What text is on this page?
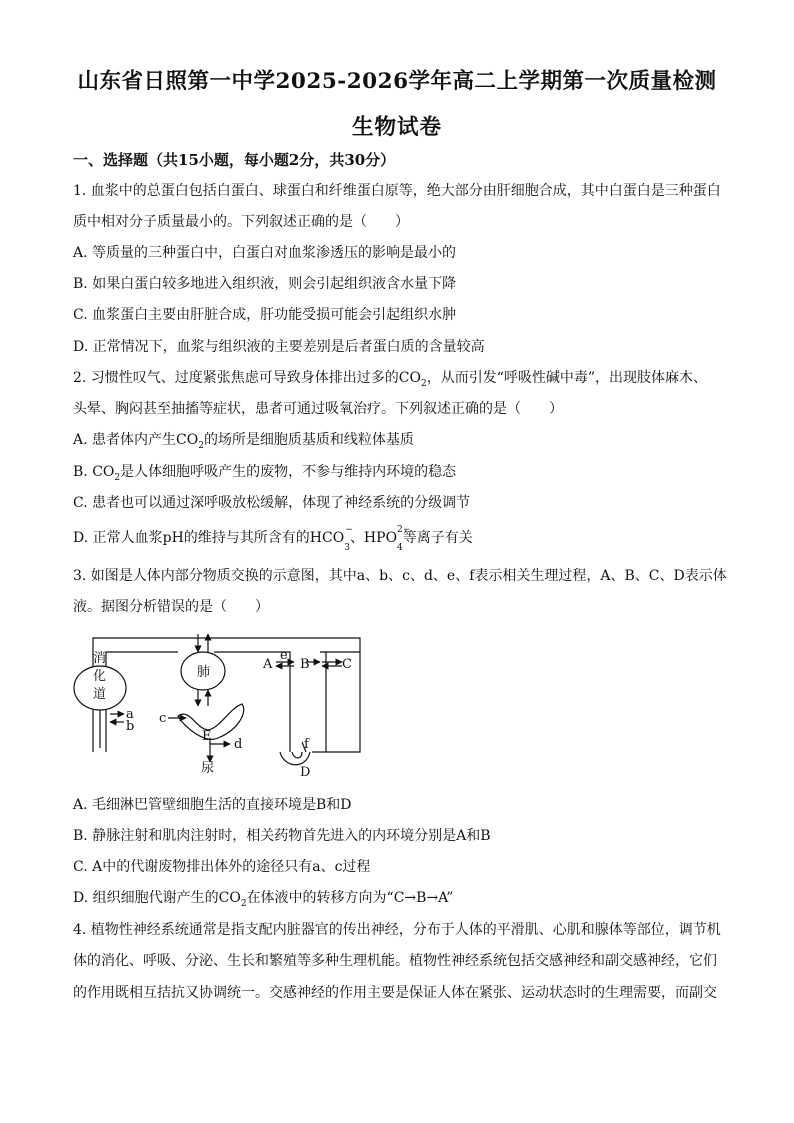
山东省日照第一中学2025-2026学年高二上学期第一次质量检测
生物试卷
一、选择题（共15小题，每小题2分，共30分）
1. 血浆中的总蛋白包括白蛋白、球蛋白和纤维蛋白原等，绝大部分由肝细胞合成，其中白蛋白是三种蛋白
质中相对分子质量最小的。下列叙述正确的是（　　）
A. 等质量的三种蛋白中，白蛋白对血浆渗透压的影响是最小的
B. 如果白蛋白较多地进入组织液，则会引起组织液含水量下降
C. 血浆蛋白主要由肝脏合成，肝功能受损可能会引起组织水肿
D. 正常情况下，血浆与组织液的主要差别是后者蛋白质的含量较高
2. 习惯性叹气、过度紧张焦虑可导致身体排出过多的$CO_2$，从而引发“呼吸性碱中毒”，出现肢体麻木、
头晕、胸闷甚至抽搐等症状，患者可通过吸氧治疗。下列叙述正确的是（　　）
A. 患者体内产生$CO_2$的场所是细胞质基质和线粒体基质
B. $CO_2$是人体细胞呼吸产生的废物，不参与维持内环境的稳态
C. 患者也可以通过深呼吸放松缓解，体现了神经系统的分级调节
D. 正常人血浆pH的维持与其所含有的HCO −
$_3$、HPO 2−
$_4$等离子有关
3. 如图是人体内部分物质交换的示意图，其中a、b、c、d、e、f表示相关生理过程，A、B、C、D表示体
液。据图分析错误的是（　　）
消
化
道
肺
a
b
c
E
d
尿
A
e
B C
f
D
A. 毛细淋巴管壁细胞生活的直接环境是B和D
B. 静脉注射和肌肉注射时，相关药物首先进入的内环境分别是A和B
C. A中的代谢废物排出体外的途径只有a、c过程
D. 组织细胞代谢产生的$CO_2$在体液中的转移方向为“C→B→A”
4. 植物性神经系统通常是指支配内脏器官的传出神经，分布于人体的平滑肌、心肌和腺体等部位，调节机
体的消化、呼吸、分泌、生长和繁殖等多种生理机能。植物性神经系统包括交感神经和副交感神经，它们
的作用既相互拮抗又协调统一。交感神经的作用主要是保证人体在紧张、运动状态时的生理需要，而副交
